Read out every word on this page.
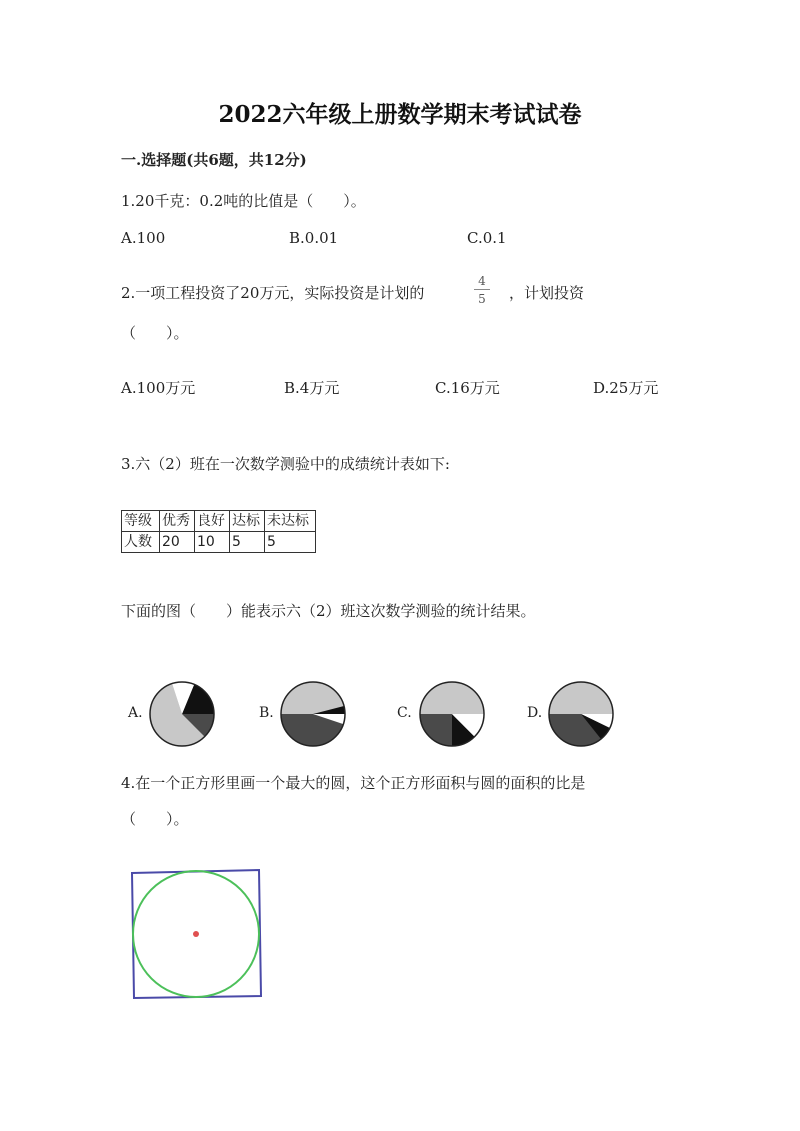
2022六年级上册数学期末考试试卷
一.选择题(共6题，共12分)
1.20千克：0.2吨的比值是（　　）。
A.100	B.0.01	C.0.1
2.一项工程投资了20万元，实际投资是计划的	$\frac{4}{5}$ ，计划投资
（　　）。
A.100万元	B.4万元	C.16万元	D.25万元
3.六（2）班在一次数学测验中的成绩统计表如下:
等级	优秀	良好	达标	未达标
人数	20	10	5	5
下面的图（　　）能表示六（2）班这次数学测验的统计结果。
A.	B.	C.	D.
4.在一个正方形里画一个最大的圆，这个正方形面积与圆的面积的比是
（　　）。
